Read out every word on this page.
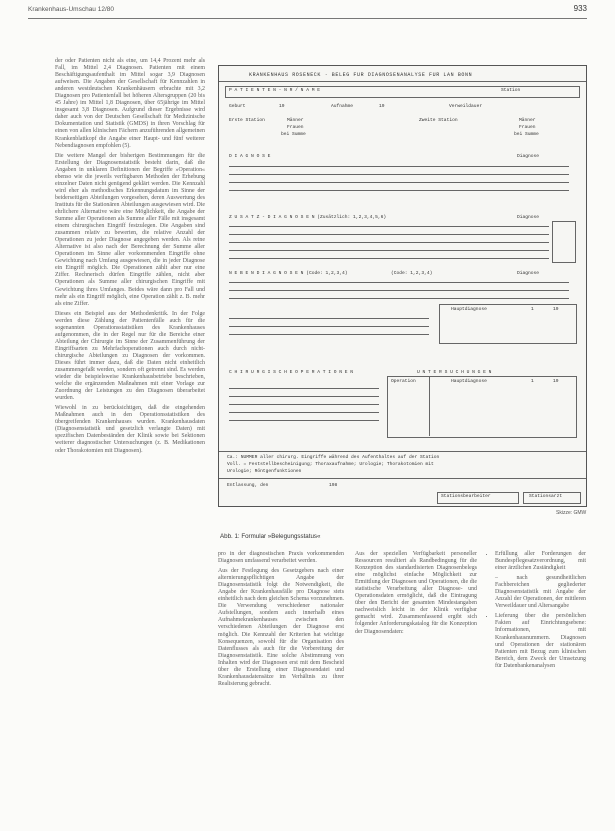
Krankenhaus-Umschau 12/80	933

der oder Patienten nicht als eine, um 14,4 Prozent mehr als Fall, im Mittel 2,4 Diagnosen. Patienten mit einem Beschäftigungsaufenthalt im Mittel sogar 3,9 Diagnosen aufweisen. Die Angaben der Gesellschaft für Kennzahlen in anderen westdeutschen Krankenhäusern erbrachte mit 3,2 Diagnosen pro Patientenfall bei höheren Altersgruppen (20 bis 45 Jahre) im Mittel 1,8 Diagnosen, über 65jährige im Mittel insgesamt 3,8 Diagnosen. Aufgrund dieser Ergebnisse wird daher auch von der Deutschen Gesellschaft für Medizinische Dokumentation und Statistik (GMDS) in ihren Vorschlag für einen von allen klinischen Fächern anzuführenden allgemeinen Krankenblattkopf die Angabe einer Haupt- und fünf weiterer Nebendiagnosen empfohlen (5).

Die weitere Mangel der bisherigen Bestimmungen für die Erstellung der Diagnosenstatistik besteht darin, daß die Angaben in unklaren Definitionen der Begriffe »Operation« ebenso wie die jeweils verfügbaren Methoden der Erhebung einzelner Daten nicht genügend geklärt werden. Die Kennzahl wird eher als methodisches Erkennungsdatum im Sinne der beiderseitigen Abteilungen vorgesehen, deren Auswertung des Instituts für die Stationären Abteilungen ausgewiesen wird. Die ehrlichere Alternative wäre eine Möglichkeit, die Angabe der Summe aller Operationen als Summe aller Fälle mit insgesamt einem chirurgischen Eingriff festzulegen. Die Angaben sind zusammen relativ zu bewerten, die relative Anzahl der Operationen zu jeder Diagnose angegeben werden. Als reine Alternative ist also nach der Berechnung der Summe aller Operationen im Sinne aller vorkommenden Eingriffe ohne Gewichtung nach Umfang ausgewiesen, die in jeder Diagnose ein Eingriff möglich. Die Operationen zählt aber nur eine Ziffer. Rechnerisch dürfen Eingriffe zählen, nicht aber Operationen als Summe aller chirurgischen Eingriffe mit Gewichtung ihres Umfanges. Beides wäre dann pro Fall und mehr als ein Eingriff möglich, eine Operation zählt z. B. mehr als eine Ziffer.

Dieses ein Beispiel aus der Methodenkritik. In der Folge werden diese Zählung der Patientenfälle auch für die sogenannten Operationsstatistiken des Krankenhauses aufgenommen, die in der Regel nur für die Bereiche einer Abteilung der Chirurgie im Sinne der Zusammenführung der Eingriffsarten zu Mehrfachoperationen auch durch nicht-chirurgische Abteilungen zu Diagnosen der vorkommen. Dieses führt immer dazu, daß die Daten nicht einheitlich zusammengefaßt werden, sondern oft getrennt sind. Es werden wieder die beispielsweise Krankenhausbetriebe beschrieben, welche die ergänzenden Maßnahmen mit einer Vorlage zur Zuordnung der Leistungen zu den Diagnosen überarbeitet wurden.

Wiewohl in zu berücksichtigen, daß die eingehenden Maßnahmen auch in den Operationsstatistiken des übergreifenden Krankenhauses wurden. Krankenhausdaten (Diagnosenstatistik und gesetzlich verlangte Daten) mit spezifischen Datenbeständen der Klinik sowie bei Sektionen weiterer diagnostischer Untersuchungen (z. B. Medikationen oder Thorakotomien mit Diagnosen).

KRANKENHAUS ROSENECK · BELEG FUR DIAGNOSENANALYSE FUR LAN BONN
P A T I E N T E N - N R / N A M E	Station
Geburt	19	Aufnahme	19	Verweildauer
Erste Station	Männer
Frauen
bei Summe
Zweite Station	Männer
Frauen
bei Summe
D I A G N O S E	Diagnose
Z U S A T Z - D I A G N O S E N (Zusätzlich: 1,2,3,4,5,6)	Diagnose
N E B E N D I A G N O S E N (Code: 1,2,3,4)	(Code: 1,2,3,4)	Diagnose
Hauptdiagnose	1	19
C H I R U R G I S C H E O P E R A T I O N E N	U N T E R S U C H U N G E N
Operation	Hauptdiagnose	1	19
Ca.: NUMMER aller chirurg. Eingriffe während des Aufenthaltes auf der Station
Voll. = Feststellbescheinigung; Thoraxaufnahme; Urologie; Thorakotomien mit
Urologie; Röntgenfunktionen
Entlassung, den	198
Stationsbearbeiter	Stationsarzt
Skizze: GMW
Abb. 1: Formular »Belegungsstatus«

pro in der diagnostischen Praxis vorkommenden Diagnosen umfassend verarbeitet werden.

Aus der Festlegung des Gesetzgebers nach einer alternierungspflichtigen Angabe der Diagnosenstatistik folgt die Notwendigkeit, die Angabe der Krankenhausfälle pro Diagnose stets einheitlich nach dem gleichen Schema vorzunehmen. Die Verwendung verschiedener nationaler Aufstellungen, sondern auch innerhalb eines Aufnahmekrankenhauses zwischen den verschiedenen Abteilungen der Diagnose erst möglich. Die Kennzahl der Kriterien hat wichtige Konsequenzen, sowohl für die Organisation des Datenflusses als auch für die Vorbereitung der Diagnosenstatistik. Eine solche Abstimmung von Inhalten wird der Diagnosen erst mit dem Bescheid über die Erstellung einer Diagnosendatei und Krankenhausdatensätze im Verhältnis zu ihrer Realisierung gebracht.

Aus der speziellen Verfügbarkeit personeller Ressourcen resultiert als Randbedingung für die Konzeption des standardisierten Diagnosenbelegs eine möglichst einfache Möglichkeit zur Ermittlung der Diagnosen und Operationen, die die statistische Verarbeitung aller Diagnose- und Operationsdaten ermöglicht, daß die Eintragung über den Bericht der gesamten Mindestangaben nachweislich leicht in der Klinik verfügbar gemacht wird. Zusammenfassend ergibt sich folgender Anforderungskatalog für die Konzeption der Diagnosendaten:

• Erfüllung aller Forderungen der Bundespflegesatzverordnung, mit einer ärztlichen Zuständigkeit
– nach gesundheitlichen Fachbereichen gegliederter Diagnosenstatistik mit Angabe der Anzahl der Operationen, der mittleren Verweildauer und Altersangabe
• Lieferung über die persönlichen Fakten auf Einrichtungsebene: Informationen, mit Krankenhausnummern. Diagnosen und Operationen der stationären Patienten mit Bezug zum klinischen Bereich, dem Zweck der Umsetzung für Datenbankenanalysen
